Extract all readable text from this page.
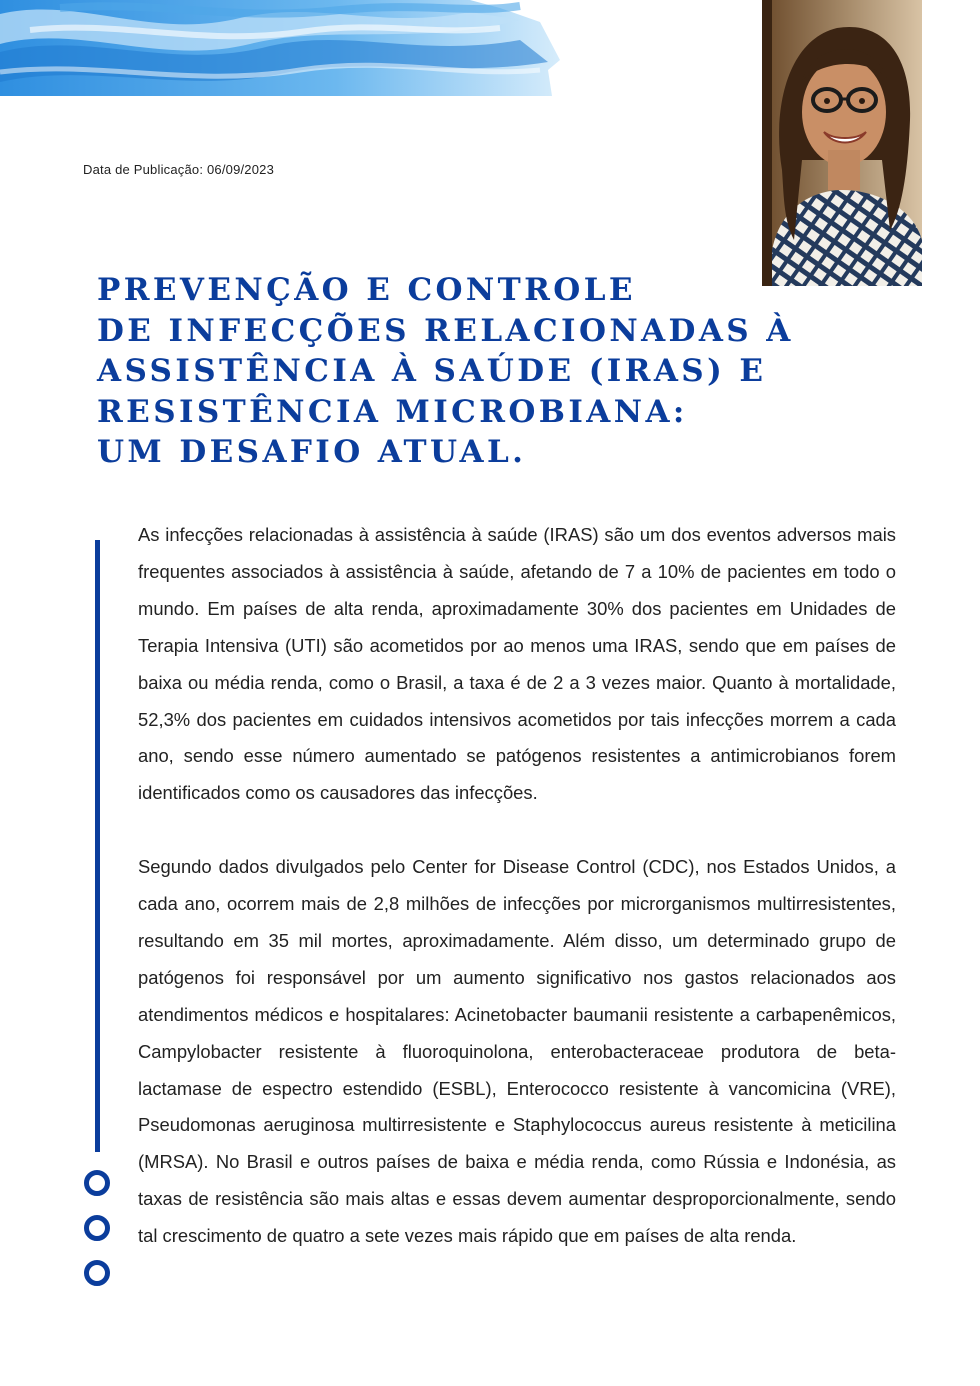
Data de Publicação: 06/09/2023
PREVENÇÃO E CONTROLE
DE INFECÇÕES RELACIONADAS À
ASSISTÊNCIA À SAÚDE (IRAS) E
RESISTÊNCIA MICROBIANA:
UM DESAFIO ATUAL.

As infecções relacionadas à assistência à saúde (IRAS) são um dos eventos adversos mais frequentes associados à assistência à saúde, afetando de 7 a 10% de pacientes em todo o mundo. Em países de alta renda, aproximadamente 30% dos pacientes em Unidades de Terapia Intensiva (UTI) são acometidos por ao menos uma IRAS, sendo que em países de baixa ou média renda, como o Brasil, a taxa é de 2 a 3 vezes maior. Quanto à mortalidade, 52,3% dos pacientes em cuidados intensivos acometidos por tais infecções morrem a cada ano, sendo esse número aumentado se patógenos resistentes a antimicrobianos forem identificados como os causadores das infecções.

Segundo dados divulgados pelo Center for Disease Control (CDC), nos Estados Unidos, a cada ano, ocorrem mais de 2,8 milhões de infecções por microrganismos multirresistentes, resultando em 35 mil mortes, aproximadamente. Além disso, um determinado grupo de patógenos foi responsável por um aumento significativo nos gastos relacionados aos atendimentos médicos e hospitalares: Acinetobacter baumanii resistente a carbapenêmicos, Campylobacter resistente à fluoroquinolona, enterobacteraceae produtora de beta-lactamase de espectro estendido (ESBL), Enterococco resistente à vancomicina (VRE), Pseudomonas aeruginosa multirresistente e Staphylococcus aureus resistente à meticilina (MRSA). No Brasil e outros países de baixa e média renda, como Rússia e Indonésia, as taxas de resistência são mais altas e essas devem aumentar desproporcionalmente, sendo tal crescimento de quatro a sete vezes mais rápido que em países de alta renda.
